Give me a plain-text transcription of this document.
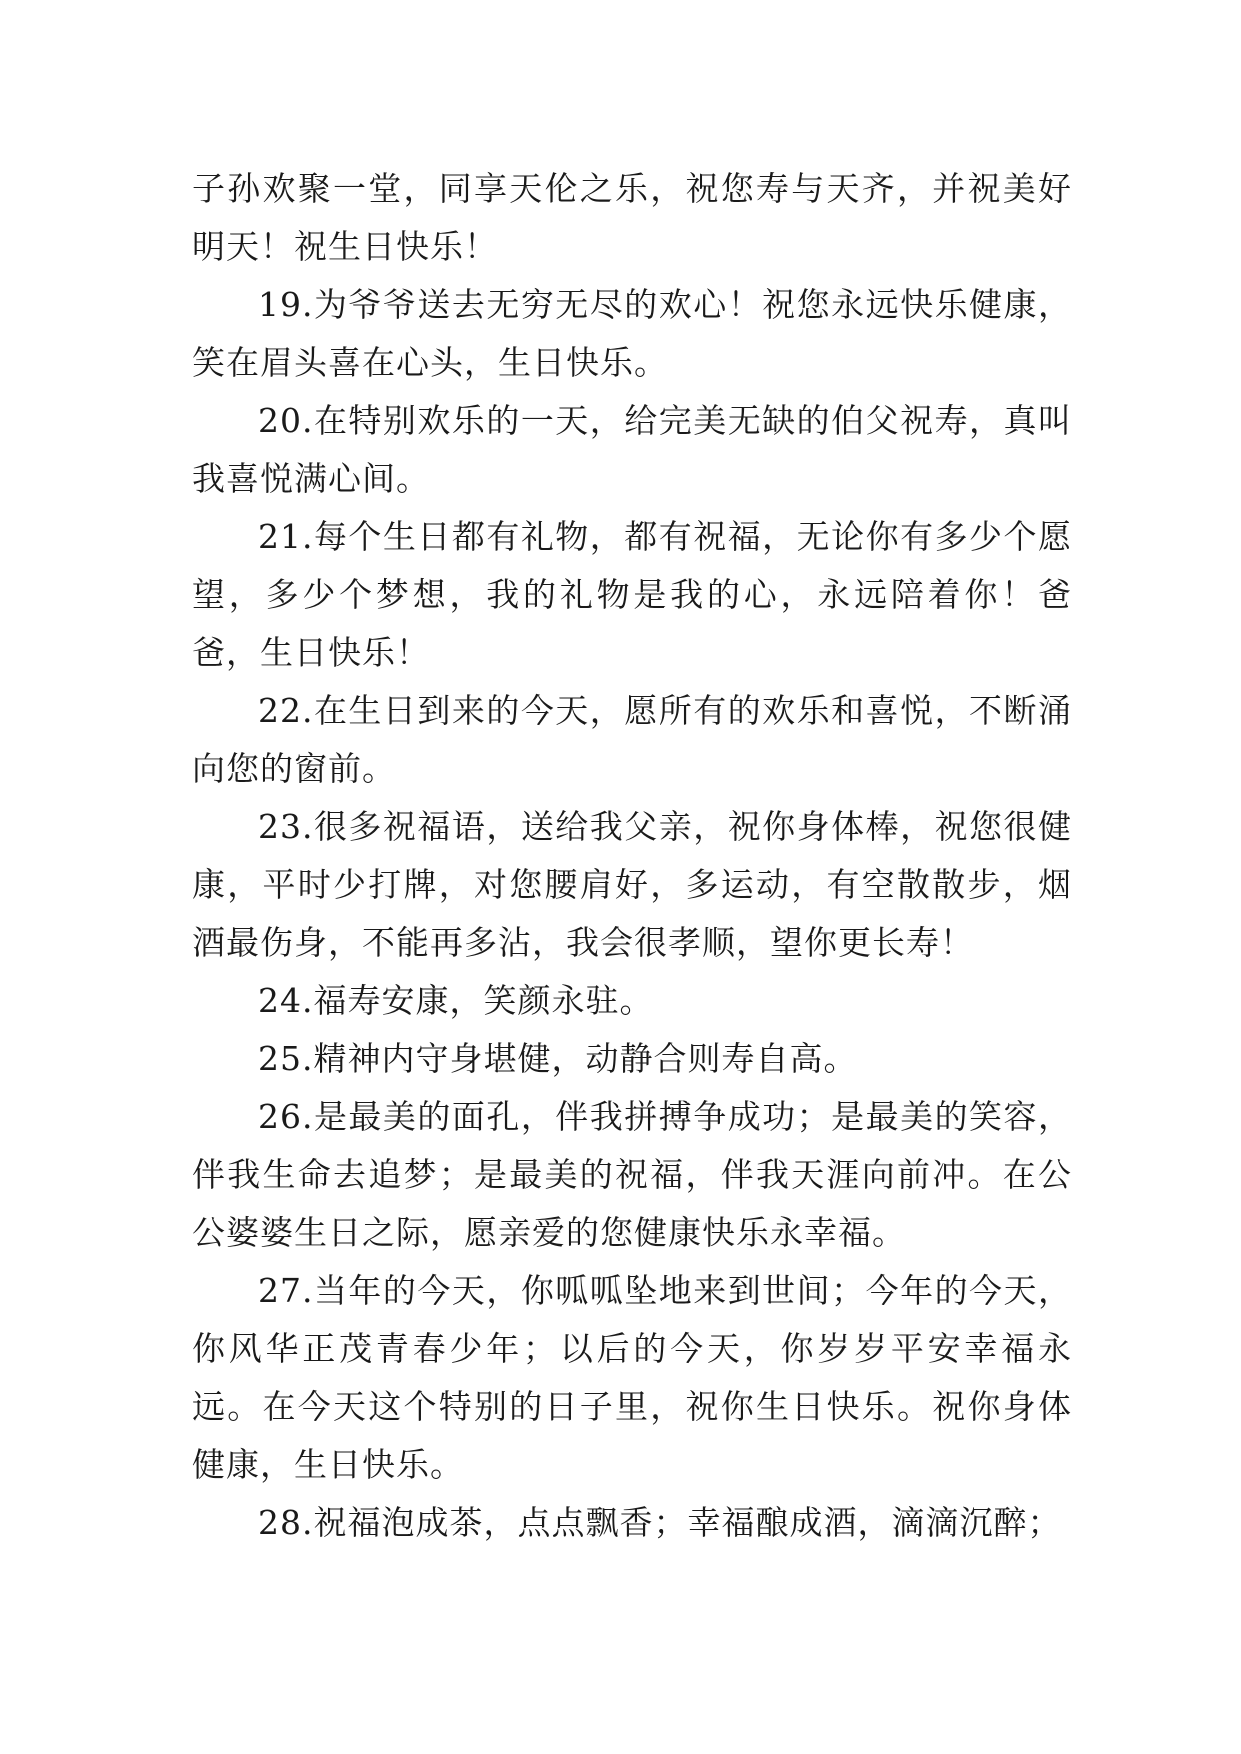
子孙欢聚一堂，同享天伦之乐，祝您寿与天齐，并祝美好明天！祝生日快乐！

19.为爷爷送去无穷无尽的欢心！祝您永远快乐健康，笑在眉头喜在心头，生日快乐。

20.在特别欢乐的一天，给完美无缺的伯父祝寿，真叫我喜悦满心间。

21.每个生日都有礼物，都有祝福，无论你有多少个愿望，多少个梦想，我的礼物是我的心，永远陪着你！爸爸，生日快乐！

22.在生日到来的今天，愿所有的欢乐和喜悦，不断涌向您的窗前。

23.很多祝福语，送给我父亲，祝你身体棒，祝您很健康，平时少打牌，对您腰肩好，多运动，有空散散步，烟酒最伤身，不能再多沾，我会很孝顺，望你更长寿！

24.福寿安康，笑颜永驻。

25.精神内守身堪健，动静合则寿自高。

26.是最美的面孔，伴我拼搏争成功；是最美的笑容，伴我生命去追梦；是最美的祝福，伴我天涯向前冲。在公公婆婆生日之际，愿亲爱的您健康快乐永幸福。

27.当年的今天，你呱呱坠地来到世间；今年的今天，你风华正茂青春少年；以后的今天，你岁岁平安幸福永远。在今天这个特别的日子里，祝你生日快乐。祝你身体健康，生日快乐。

28.祝福泡成茶，点点飘香；幸福酿成酒，滴滴沉醉；
